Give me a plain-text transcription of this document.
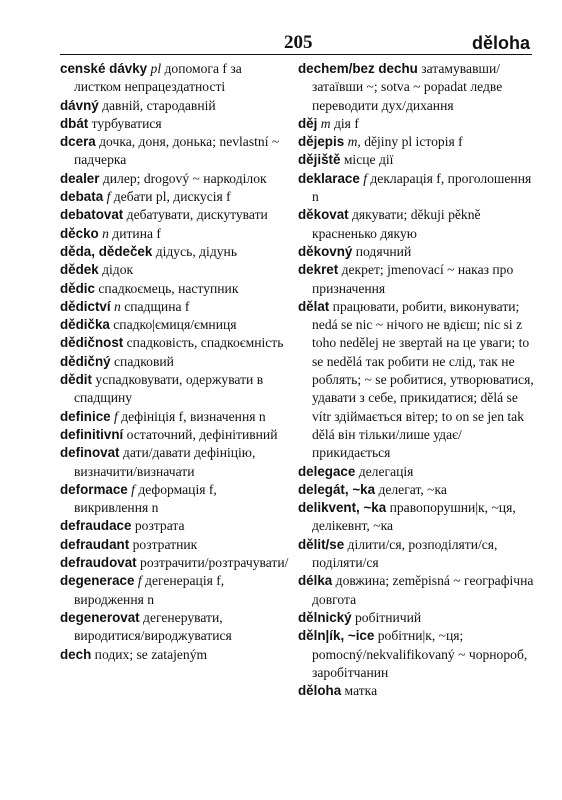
205	děloha
censké dávky pl допомога f за листком непрацездатності
dávný давній, стародавній
dbát турбуватися
dcera дочка, доня, донька; nevlastní ~ падчерка
dealer дилер; drogový ~ наркоділок
debata f дебати pl, дискусія f
debatovat дебатувати, дискутувати
děcko n дитина f
děda, dědeček дідусь, дідунь
dědek дідок
dědic спадкоємець, наступник
dědictví n спадщина f
dědička спадко|ємиця/ємниця
dědičnost спадковість, спадкоємність
dědičný спадковий
dědit успадковувати, одержувати в спадщину
definice f дефініція f, визначення n
definitivní остаточний, дефінітивний
definovat дати/давати дефініцію, визначити/визначати
deformace f деформація f, викривлення n
defraudace розтрата
defraudant розтратник
defraudovat розтрачити/розтрачувати/
degenerace f дегенерація f, виродження n
degenerovat дегенерувати, виродитися/вироджуватися
dech подих; se zatajeným
dechem/bez dechu затамувавши/затаївши ~; sotva ~ popadat ледве переводити дух/дихання
děj m дія f
dějepis m, dějiny pl історія f
dějiště місце дії
deklarace f декларація f, проголошення n
děkovat дякувати; děkuji pěkně красненько дякую
děkovný подячний
dekret декрет; jmenovací ~ наказ про призначення
dělat працювати, робити, виконувати; nedá se nic ~ нічого не вдієш; nic si z toho nedělej не звертай на це уваги; to se nedělá так робити не слід, так не роблять; ~ se робитися, утворюватися, удавати з себе, прикидатися; dělá se vítr здіймається вітер; to on se jen tak dělá він тільки/лише удає/прикидається
delegace делегація
delegát, ~ka делегат, ~ка
delikvent, ~ka правопорушни|к, ~ця, делікевнт, ~ка
dělit/se ділити/ся, розподіляти/ся, поділяти/ся
délka довжина; zeměpisná ~ географічна довгота
dělnický робітничий
děln|ík, ~ice робітни|к, ~ця; pomocný/nekvalifikovaný ~ чорнороб, заробітчанин
děloha матка
